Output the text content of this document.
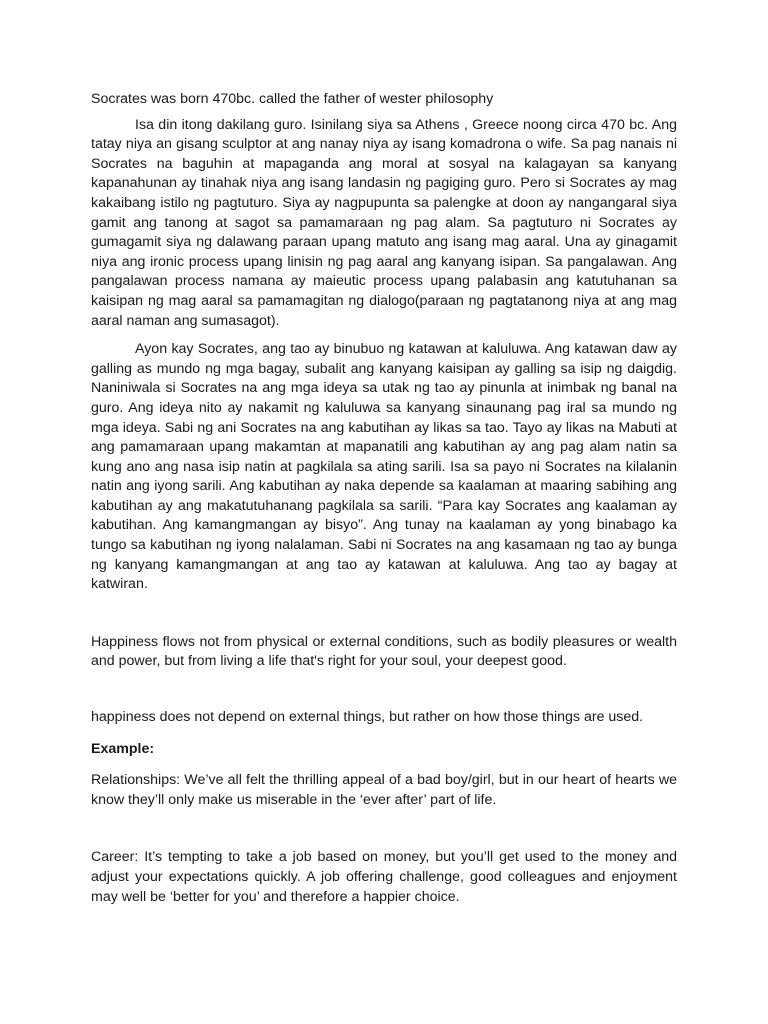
Socrates was born 470bc. called the father of wester philosophy

Isa din itong dakilang guro. Isinilang siya sa Athens , Greece noong circa 470 bc. Ang tatay niya an gisang sculptor at ang nanay niya ay isang komadrona o wife. Sa pag nanais ni Socrates na baguhin at mapaganda ang moral at sosyal na kalagayan sa kanyang kapanahunan ay tinahak niya ang isang landasin ng pagiging guro. Pero si Socrates ay mag kakaibang istilo ng pagtuturo. Siya ay nagpupunta sa palengke at doon ay nangangaral siya gamit ang tanong at sagot sa pamamaraan ng pag alam. Sa pagtuturo ni Socrates ay gumagamit siya ng dalawang paraan upang matuto ang isang mag aaral. Una ay ginagamit niya ang ironic process upang linisin ng pag aaral ang kanyang isipan. Sa pangalawan. Ang pangalawan process namana ay maieutic process upang palabasin ang katutuhanan sa kaisipan ng mag aaral sa pamamagitan ng dialogo(paraan ng pagtatanong niya at ang mag aaral naman ang sumasagot).

Ayon kay Socrates, ang tao ay binubuo ng katawan at kaluluwa. Ang katawan daw ay galling as mundo ng mga bagay, subalit ang kanyang kaisipan ay galling sa isip ng daigdig. Naniniwala si Socrates na ang mga ideya sa utak ng tao ay pinunla at inimbak ng banal na guro. Ang ideya nito ay nakamit ng kaluluwa sa kanyang sinaunang pag iral sa mundo ng mga ideya. Sabi ng ani Socrates na ang kabutihan ay likas sa tao. Tayo ay likas na Mabuti at ang pamamaraan upang makamtan at mapanatili ang kabutihan ay ang pag alam natin sa kung ano ang nasa isip natin at pagkilala sa ating sarili. Isa sa payo ni Socrates na kilalanin natin ang iyong sarili. Ang kabutihan ay naka depende sa kaalaman at maaring sabihing ang kabutihan ay ang makatutuhanang pagkilala sa sarili. “Para kay Socrates ang kaalaman ay kabutihan. Ang kamangmangan ay bisyo”. Ang tunay na kaalaman ay yong binabago ka tungo sa kabutihan ng iyong nalalaman. Sabi ni Socrates na ang kasamaan ng tao ay bunga ng kanyang kamangmangan at ang tao ay katawan at kaluluwa. Ang tao ay bagay at katwiran.

Happiness flows not from physical or external conditions, such as bodily pleasures or wealth and power, but from living a life that's right for your soul, your deepest good.

happiness does not depend on external things, but rather on how those things are used.

Example:

Relationships: We’ve all felt the thrilling appeal of a bad boy/girl, but in our heart of hearts we know they’ll only make us miserable in the ‘ever after’ part of life.

Career: It’s tempting to take a job based on money, but you’ll get used to the money and adjust your expectations quickly. A job offering challenge, good colleagues and enjoyment may well be ‘better for you’ and therefore a happier choice.
